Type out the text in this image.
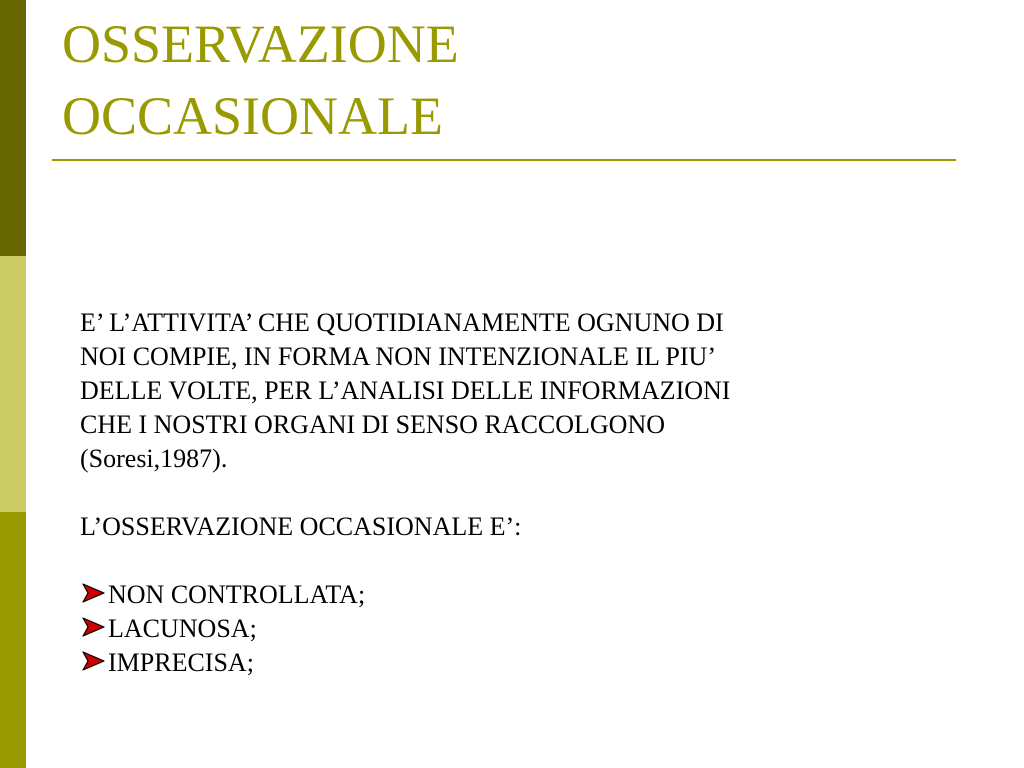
OSSERVAZIONE
OCCASIONALE

E’ L’ATTIVITA’ CHE QUOTIDIANAMENTE OGNUNO DI
NOI COMPIE, IN FORMA NON INTENZIONALE IL PIU’
DELLE VOLTE, PER L’ANALISI DELLE INFORMAZIONI
CHE I NOSTRI ORGANI DI SENSO RACCOLGONO
(Soresi,1987).

L’OSSERVAZIONE OCCASIONALE E’:

NON CONTROLLATA;
LACUNOSA;
IMPRECISA;
